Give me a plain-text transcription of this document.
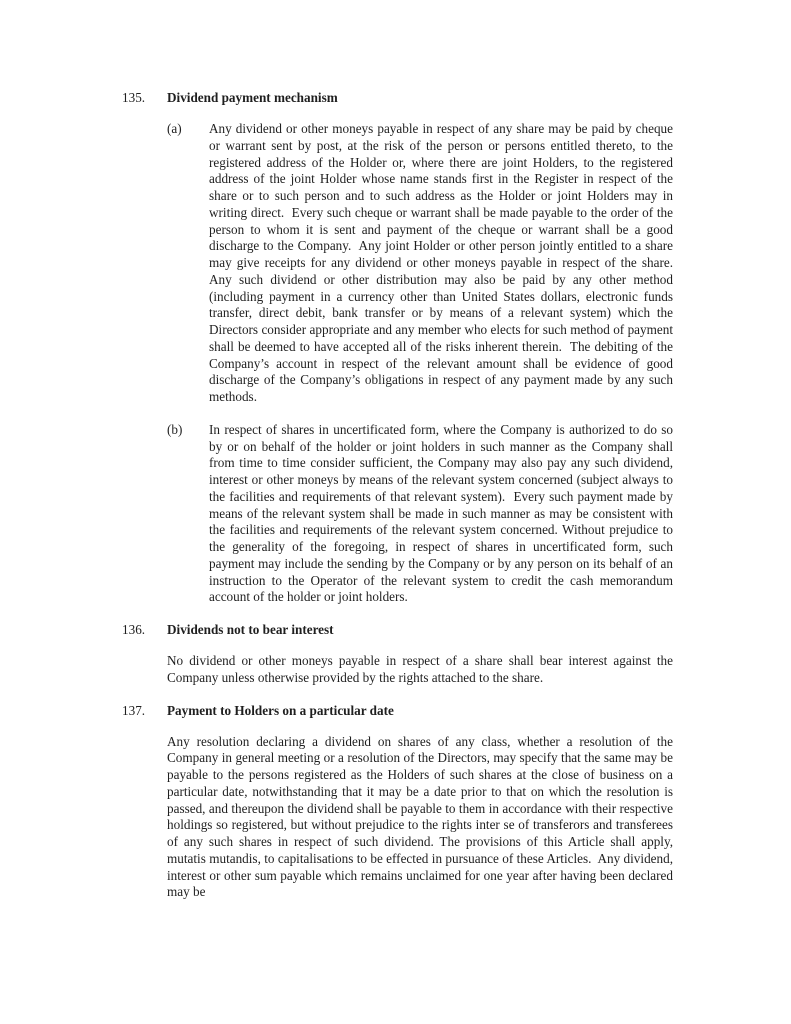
135.	Dividend payment mechanism
(a)	Any dividend or other moneys payable in respect of any share may be paid by cheque or warrant sent by post, at the risk of the person or persons entitled thereto, to the registered address of the Holder or, where there are joint Holders, to the registered address of the joint Holder whose name stands first in the Register in respect of the share or to such person and to such address as the Holder or joint Holders may in writing direct.  Every such cheque or warrant shall be made payable to the order of the person to whom it is sent and payment of the cheque or warrant shall be a good discharge to the Company.  Any joint Holder or other person jointly entitled to a share may give receipts for any dividend or other moneys payable in respect of the share.  Any such dividend or other distribution may also be paid by any other method (including payment in a currency other than United States dollars, electronic funds transfer, direct debit, bank transfer or by means of a relevant system) which the Directors consider appropriate and any member who elects for such method of payment shall be deemed to have accepted all of the risks inherent therein.  The debiting of the Company’s account in respect of the relevant amount shall be evidence of good discharge of the Company’s obligations in respect of any payment made by any such methods.

(b)	In respect of shares in uncertificated form, where the Company is authorized to do so by or on behalf of the holder or joint holders in such manner as the Company shall from time to time consider sufficient, the Company may also pay any such dividend, interest or other moneys by means of the relevant system concerned (subject always to the facilities and requirements of that relevant system).  Every such payment made by means of the relevant system shall be made in such manner as may be consistent with the facilities and requirements of the relevant system concerned. Without prejudice to the generality of the foregoing, in respect of shares in uncertificated form, such payment may include the sending by the Company or by any person on its behalf of an instruction to the Operator of the relevant system to credit the cash memorandum account of the holder or joint holders.

136.	Dividends not to bear interest

No dividend or other moneys payable in respect of a share shall bear interest against the Company unless otherwise provided by the rights attached to the share.

137.	Payment to Holders on a particular date

Any resolution declaring a dividend on shares of any class, whether a resolution of the Company in general meeting or a resolution of the Directors, may specify that the same may be payable to the persons registered as the Holders of such shares at the close of business on a particular date, notwithstanding that it may be a date prior to that on which the resolution is passed, and thereupon the dividend shall be payable to them in accordance with their respective holdings so registered, but without prejudice to the rights inter se of transferors and transferees of any such shares in respect of such dividend. The provisions of this Article shall apply, mutatis mutandis, to capitalisations to be effected in pursuance of these Articles.  Any dividend, interest or other sum payable which remains unclaimed for one year after having been declared may be
